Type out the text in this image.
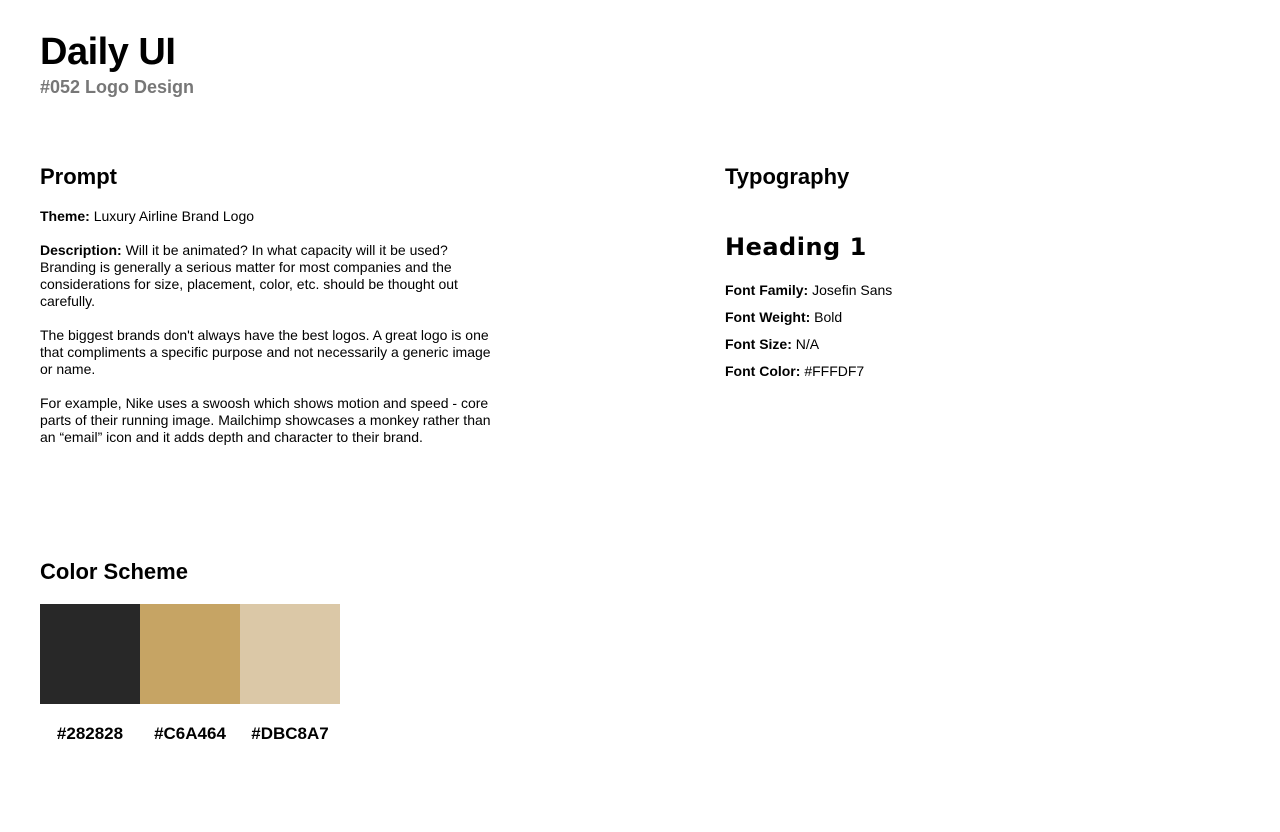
Daily UI

#052 Logo Design

Prompt

Theme: Luxury Airline Brand Logo

Description: Will it be animated? In what capacity will it be used? Branding is generally a serious matter for most companies and the considerations for size, placement, color, etc. should be thought out carefully.

The biggest brands don't always have the best logos. A great logo is one that compliments a specific purpose and not necessarily a generic image or name.

For example, Nike uses a swoosh which shows motion and speed - core parts of their running image. Mailchimp showcases a monkey rather than an “email” icon and it adds depth and character to their brand.

Typography
Heading 1
Font Family: Josefin Sans
Font Weight: Bold
Font Size: N/A
Font Color: #FFFDF7
Color Scheme
#282828 #C6A464 #DBC8A7
